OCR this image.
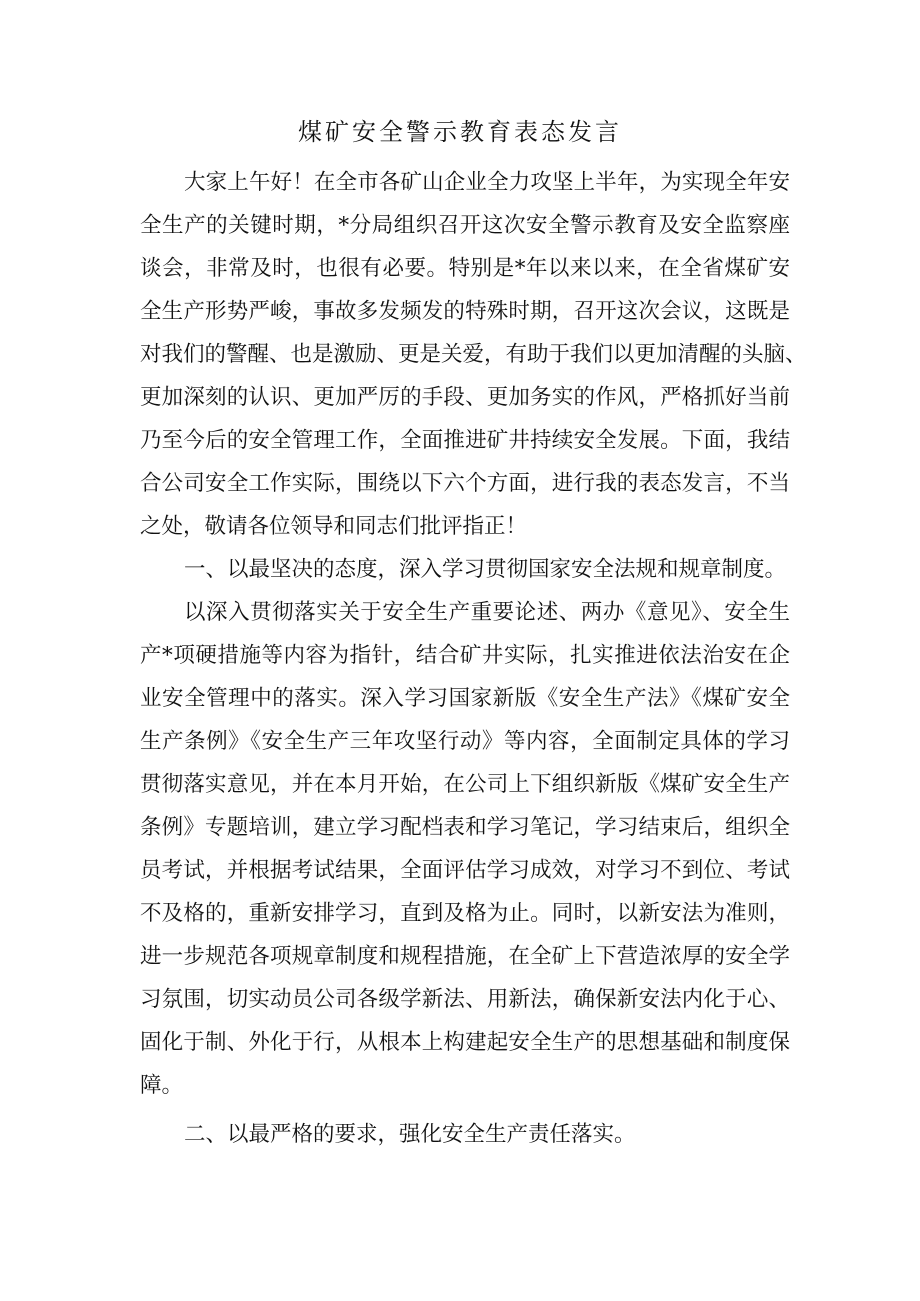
煤矿安全警示教育表态发言
大家上午好！在全市各矿山企业全力攻坚上半年，为实现全年安
全生产的关键时期，*分局组织召开这次安全警示教育及安全监察座
谈会，非常及时，也很有必要。特别是*年以来以来，在全省煤矿安
全生产形势严峻，事故多发频发的特殊时期，召开这次会议，这既是
对我们的警醒、也是激励、更是关爱，有助于我们以更加清醒的头脑、
更加深刻的认识、更加严厉的手段、更加务实的作风，严格抓好当前
乃至今后的安全管理工作，全面推进矿井持续安全发展。下面，我结
合公司安全工作实际，围绕以下六个方面，进行我的表态发言，不当
之处，敬请各位领导和同志们批评指正！
一、以最坚决的态度，深入学习贯彻国家安全法规和规章制度。
以深入贯彻落实关于安全生产重要论述、两办《意见》、安全生
产*项硬措施等内容为指针，结合矿井实际，扎实推进依法治安在企
业安全管理中的落实。深入学习国家新版《安全生产法》《煤矿安全
生产条例》《安全生产三年攻坚行动》等内容，全面制定具体的学习
贯彻落实意见，并在本月开始，在公司上下组织新版《煤矿安全生产
条例》专题培训，建立学习配档表和学习笔记，学习结束后，组织全
员考试，并根据考试结果，全面评估学习成效，对学习不到位、考试
不及格的，重新安排学习，直到及格为止。同时，以新安法为准则，
进一步规范各项规章制度和规程措施，在全矿上下营造浓厚的安全学
习氛围，切实动员公司各级学新法、用新法，确保新安法内化于心、
固化于制、外化于行，从根本上构建起安全生产的思想基础和制度保
障。
二、以最严格的要求，强化安全生产责任落实。
